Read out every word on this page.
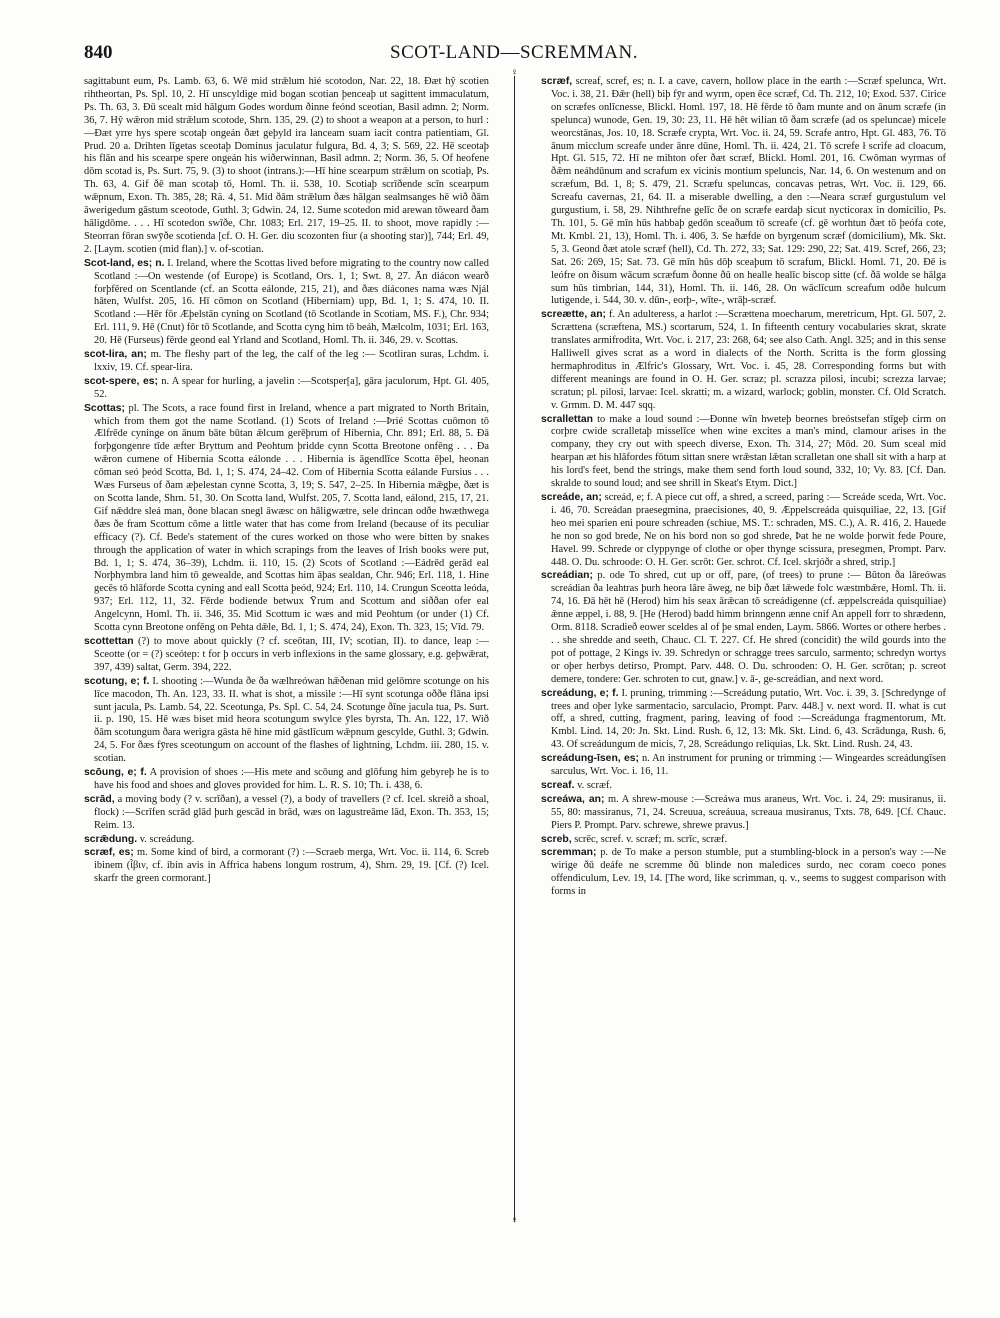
840	SCOT-LAND—SCREMMAN.
♀
♀

sagittabunt eum, Ps. Lamb. 63, 6. Wē mid strǣlum hié scotodon, Nar. 22, 18. Ðæt hŷ scotien rihtheortan, Ps. Spl. 10, 2. Hī unscyldige mid bogan scotian þenceaþ ut sagittent immaculatum, Ps. Th. 63, 3. Ðū scealt mid hālgum Godes wordum ðinne feónd sceotian, Basil admn. 2; Norm. 36, 7. Hŷ wǣron mid strǣlum scotode, Shrn. 135, 29. (2) to shoot a weapon at a person, to hurl :—Ðæt yrre hys spere scotaþ ongeán ðæt geþyld ira lanceam suam iacit contra patientiam, Gl. Prud. 20 a. Drihten līgetas sceotaþ Dominus jaculatur fulgura, Bd. 4, 3; S. 569, 22. Hē sceotaþ his flān and his scearpe spere ongeán his wiðerwinnan, Basil admn. 2; Norm. 36, 5. Of heofene dōm scotad is, Ps. Surt. 75, 9. (3) to shoot (intrans.):—Hī hine scearpum strǣlum on scotiaþ, Ps. Th. 63, 4. Gif ðē man scotaþ tō, Homl. Th. ii. 538, 10. Scotiaþ scrīðende scīn scearpum wǣpnum, Exon. Th. 385, 28; Rä. 4, 51. Mid ðām strǣlum ðæs hālgan sealmsanges hē wið ðām āwerigedum gāstum sceotode, Guthl. 3; Gdwin. 24, 12. Sume scotedon mid arewan tōweard ðam hāligdōme. . . . Hī scotedon swīðe, Chr. 1083; Erl. 217, 19–25. II. to shoot, move rapidly :—Steorran fōran swȳðe scotienda [cf. O. H. Ger. diu scozonten fiur (a shooting star)], 744; Erl. 49, 2. [Laym. scotien (mid flan).] v. of-scotian.

Scot-land, es; n. I. Ireland, where the Scottas lived before migrating to the country now called Scotland :—On westende (of Europe) is Scotland, Ors. 1, 1; Swt. 8, 27. Ān diácon wearð forþfēred on Scentlande (cf. an Scotta eálonde, 215, 21), and ðæs diácones nama wæs Njál hāten, Wulfst. 205, 16. Hī cōmon on Scotland (Hiberniam) upp, Bd. 1, 1; S. 474, 10. II. Scotland :—Hēr fōr Æþelstān cyning on Scotland (tō Scotlande in Scotiam, MS. F.), Chr. 934; Erl. 111, 9. Hē (Cnut) fōr tō Scotlande, and Scotta cyng him tō beáh, Mælcolm, 1031; Erl. 163, 20. Hē (Furseus) fērde geond eal Yrland and Scotland, Homl. Th. ii. 346, 29. v. Scottas.

scot-lira, an; m. The fleshy part of the leg, the calf of the leg :— Scotliran suras, Lchdm. i. lxxiv, 19. Cf. spear-lira.

scot-spere, es; n. A spear for hurling, a javelin :—Scotsper[a], gāra jaculorum, Hpt. Gl. 405, 52.

Scottas; pl. The Scots, a race found first in Ireland, whence a part migrated to North Britain, which from them got the name Scotland. (1) Scots of Ireland :—Þrié Scottas cuōmon tō Ælfrēde cyninge on ānum bāte būtan ǣlcum gerēþrum of Hibernia, Chr. 891; Erl. 88, 5. Ðā forþgongenre tīde æfter Bryttum and Peohtum þridde cynn Scotta Breotone onfēng . . . Ða wǣron cumene of Hibernia Scotta eálonde . . . Hibernia is āgendlīce Scotta ēþel, heonan cōman seó þeód Scotta, Bd. 1, 1; S. 474, 24–42. Com of Hibernia Scotta eálande Fursius . . . Wæs Furseus of ðam æþelestan cynne Scotta, 3, 19; S. 547, 2–25. In Hibernia mǣgþe, ðæt is on Scotta lande, Shrn. 51, 30. On Scotta land, Wulfst. 205, 7. Scotta land, eálond, 215, 17, 21. Gif nǣddre sleá man, ðone blacan snegl āwæsc on hāligwætre, sele drincan odðe hwæthwega ðæs ðe fram Scottum cōme a little water that has come from Ireland (because of its peculiar efficacy (?). Cf. Bede's statement of the cures worked on those who were bitten by snakes through the application of water in which scrapings from the leaves of Irish books were put, Bd. 1, 1; S. 474, 36–39), Lchdm. ii. 110, 15. (2) Scots of Scotland :—Eádrēd gerād eal Norþhymbra land him tō gewealde, and Scottas him āþas sealdan, Chr. 946; Erl. 118, 1. Hine gecēs tō hlāforde Scotta cyning and eall Scotta þeód, 924; Erl. 110, 14. Crungun Sceotta leóda, 937; Erl. 112, 11, 32. Fērde bodiende betwux Ȳrum and Scottum and siððan ofer eal Angelcynn, Homl. Th. ii. 346, 35. Mid Scottum ic wæs and mid Peohtum (or under (1) Cf. Scotta cynn Breotone onfēng on Pehta dǣle, Bd. 1, 1; S. 474, 24), Exon. Th. 323, 15; Vīd. 79.

scottettan (?) to move about quickly (? cf. sceōtan, III, IV; scotian, II). to dance, leap :—Sceotte (or = (?) sceótep: t for þ occurs in verb inflexions in the same glossary, e.g. geþwǣrat, 397, 439) saltat, Germ. 394, 222.

scotung, e; f. I. shooting :—Wunda ðe ða wælhreówan hǣðenan mid gelōmre scotunge on his līce macodon, Th. An. 123, 33. II. what is shot, a missile :—Hī synt scotunga oððe flāna ipsi sunt jacula, Ps. Lamb. 54, 22. Sceotunga, Ps. Spl. C. 54, 24. Scotunge ðīne jacula tua, Ps. Surt. ii. p. 190, 15. Hē wæs biset mid heora scotungum swylce ȳles byrsta, Th. An. 122, 17. Wið ðām scotungum ðara werigra gāsta hē hine mid gāstlīcum wǣpnum gescylde, Guthl. 3; Gdwin. 24, 5. For ðæs fȳres sceotungum on account of the flashes of lightning, Lchdm. iii. 280, 15. v. scotian.

scōung, e; f. A provision of shoes :—His mete and scōung and glōfung him gebyreþ he is to have his food and shoes and gloves provided for him. L. R. S. 10; Th. i. 438, 6.

scrād, a moving body (? v. scrīðan), a vessel (?), a body of travellers (? cf. Icel. skreið a shoal, flock) :—Scrīfen scrād glād þurh gescād in brād, wæs on lagustreāme lād, Exon. Th. 353, 15; Reim. 13.

scrǣdung. v. screádung.

scræf, es; m. Some kind of bird, a cormorant (?) :—Scraeb merga, Wrt. Voc. ii. 114, 6. Screb ibinem (ἶβιν, cf. ibin avis in Affrica habens longum rostrum, 4), Shrn. 29, 19. [Cf. (?) Icel. skarfr the green cormorant.]

scræf, screaf, scref, es; n. I. a cave, cavern, hollow place in the earth :—Scræf spelunca, Wrt. Voc. i. 38, 21. Ðǣr (hell) biþ fȳr and wyrm, open ēce scræf, Cd. Th. 212, 10; Exod. 537. Cirice on scræfes onlīcnesse, Blickl. Homl. 197, 18. Hē fērde tō ðam munte and on ānum scræfe (in spelunca) wunode, Gen. 19, 30: 23, 11. Hē hēt wilian tō ðam scræfe (ad os speluncae) micele weorcstānas, Jos. 10, 18. Scræfe crypta, Wrt. Voc. ii. 24, 59. Scrafe antro, Hpt. Gl. 483, 76. Tō ānum micclum screafe under ānre dūne, Homl. Th. ii. 424, 21. Tō screfe ł scrife ad cloacum, Hpt. Gl. 515, 72. Hī ne mihton ofer ðæt scræf, Blickl. Homl. 201, 16. Cwōman wyrmas of ðǣm neáhdūnum and scrafum ex vicinis montium speluncis, Nar. 14, 6. On westenum and on scræfum, Bd. 1, 8; S. 479, 21. Scræfu speluncas, concavas petras, Wrt. Voc. ii. 129, 66. Screafu cavernas, 21, 64. II. a miserable dwelling, a den :—Neara scræf gurgustulum vel gurgustium, i. 58, 29. Nihthrefne gelīc ðe on scræfe eardaþ sicut nycticorax in domicilio, Ps. Th. 101, 5. Gē mīn hūs habbaþ gedōn sceaðum tō screafe (cf. gē worhtun ðæt tō þeófa cote, Mt. Kmbl. 21, 13), Homl. Th. i. 406, 3. Se hæfde on byrgenum scræf (domicilium), Mk. Skt. 5, 3. Geond ðæt atole scræf (hell), Cd. Th. 272, 33; Sat. 129: 290, 22; Sat. 419. Scref, 266, 23; Sat. 26: 269, 15; Sat. 73. Gē mīn hūs dōþ sceaþum tō scrafum, Blickl. Homl. 71, 20. Ðē is leófre on ðisum wācum scræfum ðonne ðū on healle healīc biscop sitte (cf. ðā wolde se hālga sum hūs timbrian, 144, 31), Homl. Th. ii. 146, 28. On wāclīcum screafum odðe hulcum lutigende, i. 544, 30. v. dūn-, eorþ-, wīte-, wrāþ-scræf.

screætte, an; f. An adulteress, a harlot :—Scrættena moecharum, meretricum, Hpt. Gl. 507, 2. Scrættena (scræftena, MS.) scortarum, 524, 1. In fifteenth century vocabularies skrat, skrate translates armifrodita, Wrt. Voc. i. 217, 23: 268, 64; see also Cath. Angl. 325; and in this sense Halliwell gives scrat as a word in dialects of the North. Scritta is the form glossing hermaphroditus in Ælfric's Glossary, Wrt. Voc. i. 45, 28. Corresponding forms but with different meanings are found in O. H. Ger. scraz; pl. scrazza pilosi, incubi; screzza larvae; scratun; pl. pilosi, larvae: Icel. skratti; m. a wizard, warlock; goblin, monster. Cf. Old Scratch. v. Grmm. D. M. 447 sqq.

scrallettan to make a loud sound :—Ðonne wīn hweteþ beornes breóstsefan stīgeþ cirm on corþre cwide scralletaþ misselīce when wine excites a man's mind, clamour arises in the company, they cry out with speech diverse, Exon. Th. 314, 27; Mōd. 20. Sum sceal mid hearpan æt his hlāfordes fōtum sittan snere wrǣstan lǣtan scralletan one shall sit with a harp at his lord's feet, bend the strings, make them send forth loud sound, 332, 10; Vy. 83. [Cf. Dan. skralde to sound loud; and see shrill in Skeat's Etym. Dict.]

screáde, an; screád, e; f. A piece cut off, a shred, a screed, paring :— Screáde sceda, Wrt. Voc. i. 46, 70. Screádan praesegmina, praecisiones, 40, 9. Æppelscreáda quisquiliae, 22, 13. [Gif heo mei sparien eni poure schreaden (schiue, MS. T.: schraden, MS. C.), A. R. 416, 2. Hauede he non so god brede, Ne on his bord non so god shrede, Þat he ne wolde þorwit fede Poure, Havel. 99. Schrede or clyppynge of clothe or oþer thynge scissura, presegmen, Prompt. Parv. 448. O. Du. schroode: O. H. Ger. scrōt: Ger. schrot. Cf. Icel. skrjóðr a shred, strip.]

screádian; p. ode To shred, cut up or off, pare, (of trees) to prune :— Būton ða lāreówas screádian ða leahtras þurh heora lāre āweg, ne biþ ðæt lǣwede folc wæstmbǣre, Homl. Th. ii. 74, 16. Ðā hēt hē (Herod) him his seax ārǣcan tō screádigenne (cf. æppelscreáda quisquiliae) ǣnne æppel, i. 88, 9. [He (Herod) badd himm brinngenn ænne cnif An appell forr to shrædenn, Orm. 8118. Scradieð eower sceldes al of þe smal enden, Laym. 5866. Wortes or othere herbes . . . she shredde and seeth, Chauc. Cl. T. 227. Cf. He shred (concidit) the wild gourds into the pot of pottage, 2 Kings iv. 39. Schredyn or schragge trees sarculo, sarmento; schredyn wortys or oþer herbys detirso, Prompt. Parv. 448. O. Du. schrooden: O. H. Ger. scrōtan; p. screot demere, tondere: Ger. schroten to cut, gnaw.] v. ā-, ge-screádian, and next word.

screádung, e; f. I. pruning, trimming :—Screádung putatio, Wrt. Voc. i. 39, 3. [Schredynge of trees and oþer lyke sarmentacio, sarculacio, Prompt. Parv. 448.] v. next word. II. what is cut off, a shred, cutting, fragment, paring, leaving of food :—Screádunga fragmentorum, Mt. Kmbl. Lind. 14, 20: Jn. Skt. Lind. Rush. 6, 12, 13: Mk. Skt. Lind. 6, 43. Scrādunga, Rush. 6, 43. Of screádungum de micis, 7, 28. Screádungo reliquias, Lk. Skt. Lind. Rush. 24, 43.

screádung-īsen, es; n. An instrument for pruning or trimming :— Wingeardes screádungīsen sarculus, Wrt. Voc. i. 16, 11.

screaf. v. scræf.

screáwa, an; m. A shrew-mouse :—Screáwa mus araneus, Wrt. Voc. i. 24, 29: musiranus, ii. 55, 80: massiranus, 71, 24. Screuua, screáuua, screaua musiranus, Txts. 78, 649. [Cf. Chauc. Piers P. Prompt. Parv. schrewe, shrewe pravus.]

screb, scrēc, scref. v. scræf; m. scrīc, scræf.

scremman; p. de To make a person stumble, put a stumbling-block in a person's way :—Ne wirige ðū deáfe ne scremme ðū blinde non maledices surdo, nec coram coeco pones offendiculum, Lev. 19, 14. [The word, like scrimman, q. v., seems to suggest comparison with forms in
